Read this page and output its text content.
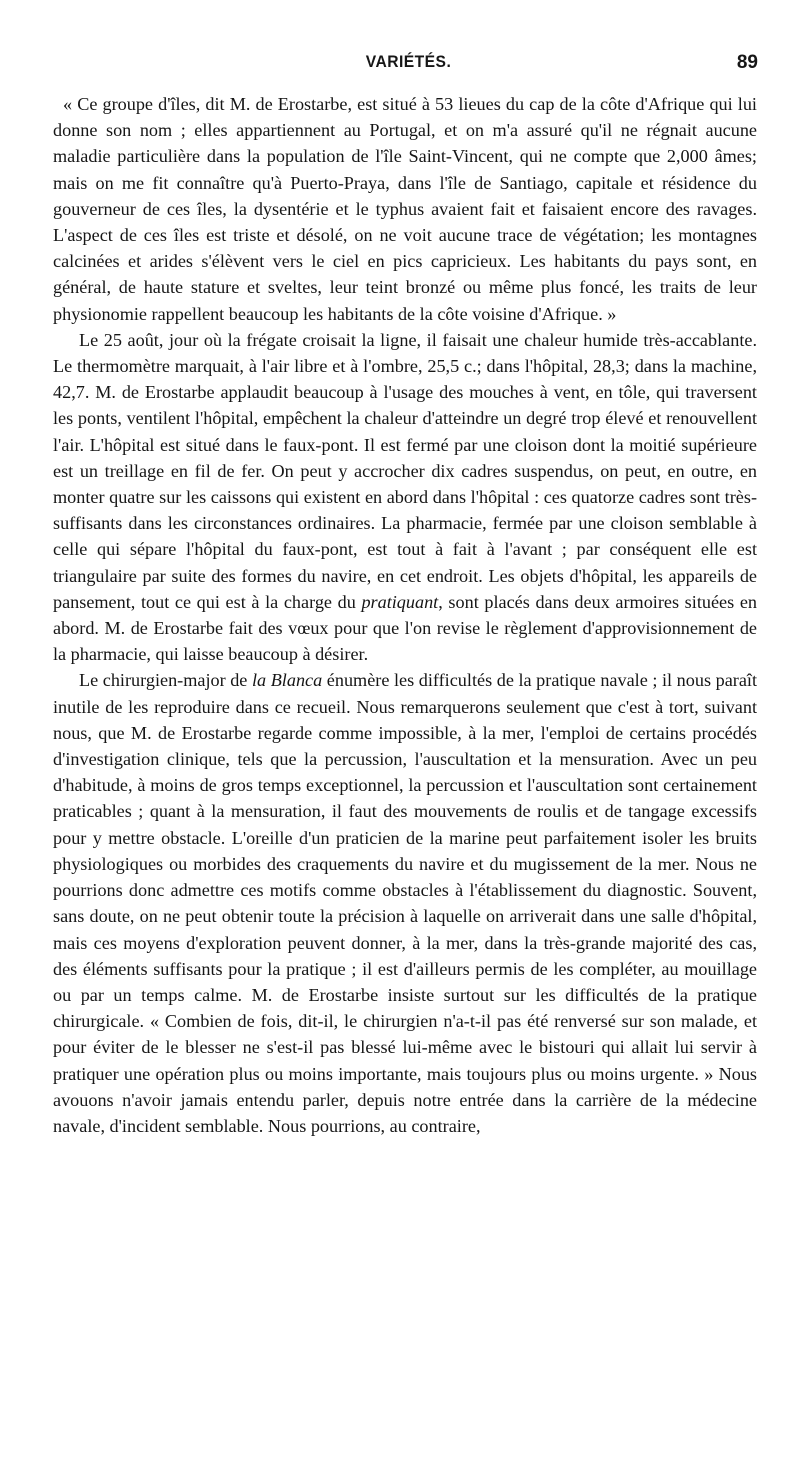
VARIÉTÉS.	89

« Ce groupe d'îles, dit M. de Erostarbe, est situé à 53 lieues du cap de la côte d'Afrique qui lui donne son nom ; elles appartiennent au Portugal, et on m'a assuré qu'il ne régnait aucune maladie particulière dans la population de l'île Saint-Vincent, qui ne compte que 2,000 âmes; mais on me fit connaître qu'à Puerto-Praya, dans l'île de Santiago, capitale et résidence du gouverneur de ces îles, la dysentérie et le typhus avaient fait et faisaient encore des ravages. L'aspect de ces îles est triste et désolé, on ne voit aucune trace de végétation; les montagnes calcinées et arides s'élèvent vers le ciel en pics capricieux. Les habitants du pays sont, en général, de haute stature et sveltes, leur teint bronzé ou même plus foncé, les traits de leur physionomie rappellent beaucoup les habitants de la côte voisine d'Afrique. »

Le 25 août, jour où la frégate croisait la ligne, il faisait une chaleur humide très-accablante. Le thermomètre marquait, à l'air libre et à l'ombre, 25,5 c.; dans l'hôpital, 28,3; dans la machine, 42,7. M. de Erostarbe applaudit beaucoup à l'usage des mouches à vent, en tôle, qui traversent les ponts, ventilent l'hôpital, empêchent la chaleur d'atteindre un degré trop élevé et renouvellent l'air. L'hôpital est situé dans le faux-pont. Il est fermé par une cloison dont la moitié supérieure est un treillage en fil de fer. On peut y accrocher dix cadres suspendus, on peut, en outre, en monter quatre sur les caissons qui existent en abord dans l'hôpital : ces quatorze cadres sont très-suffisants dans les circonstances ordinaires. La pharmacie, fermée par une cloison semblable à celle qui sépare l'hôpital du faux-pont, est tout à fait à l'avant ; par conséquent elle est triangulaire par suite des formes du navire, en cet endroit. Les objets d'hôpital, les appareils de pansement, tout ce qui est à la charge du pratiquant, sont placés dans deux armoires situées en abord. M. de Erostarbe fait des vœux pour que l'on revise le règlement d'approvisionnement de la pharmacie, qui laisse beaucoup à désirer.

Le chirurgien-major de la Blanca énumère les difficultés de la pratique navale ; il nous paraît inutile de les reproduire dans ce recueil. Nous remarquerons seulement que c'est à tort, suivant nous, que M. de Erostarbe regarde comme impossible, à la mer, l'emploi de certains procédés d'investigation clinique, tels que la percussion, l'auscultation et la mensuration. Avec un peu d'habitude, à moins de gros temps exceptionnel, la percussion et l'auscultation sont certainement praticables ; quant à la mensuration, il faut des mouvements de roulis et de tangage excessifs pour y mettre obstacle. L'oreille d'un praticien de la marine peut parfaitement isoler les bruits physiologiques ou morbides des craquements du navire et du mugissement de la mer. Nous ne pourrions donc admettre ces motifs comme obstacles à l'établissement du diagnostic. Souvent, sans doute, on ne peut obtenir toute la précision à laquelle on arriverait dans une salle d'hôpital, mais ces moyens d'exploration peuvent donner, à la mer, dans la très-grande majorité des cas, des éléments suffisants pour la pratique ; il est d'ailleurs permis de les compléter, au mouillage ou par un temps calme. M. de Erostarbe insiste surtout sur les difficultés de la pratique chirurgicale. « Combien de fois, dit-il, le chirurgien n'a-t-il pas été renversé sur son malade, et pour éviter de le blesser ne s'est-il pas blessé lui-même avec le bistouri qui allait lui servir à pratiquer une opération plus ou moins importante, mais toujours plus ou moins urgente. » Nous avouons n'avoir jamais entendu parler, depuis notre entrée dans la carrière de la médecine navale, d'incident semblable. Nous pourrions, au contraire,
